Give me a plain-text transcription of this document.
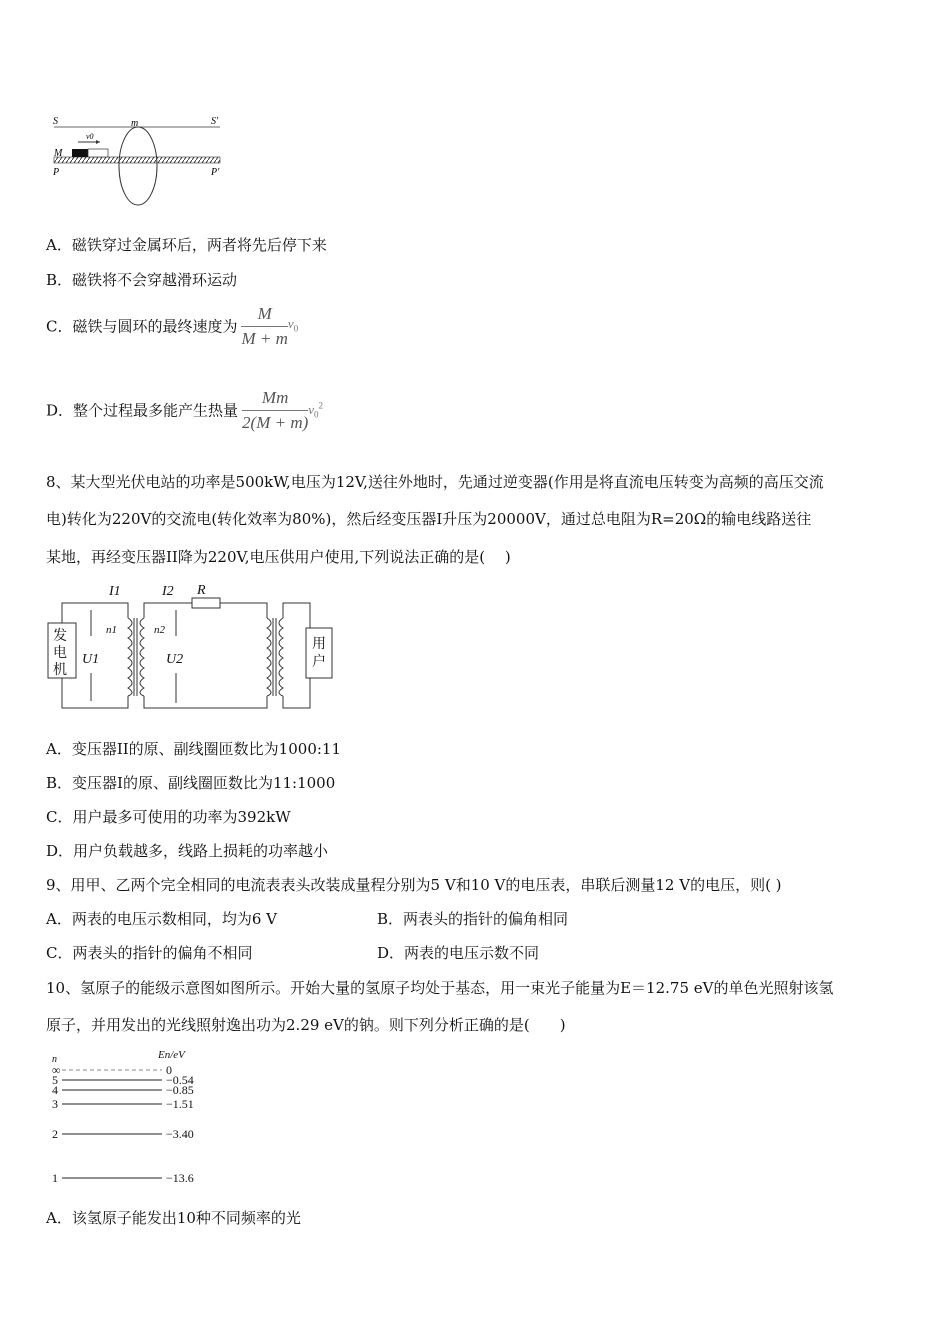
S	S'
m
v0
M
P	P'
A．磁铁穿过金属环后，两者将先后停下来
B．磁铁将不会穿越滑环运动
C．磁铁与圆环的最终速度为 $\frac{M}{M + m} v_0$
D．整个过程最多能产生热量 $\frac{Mm}{2(M + m)} v_0^2$
8、某大型光伏电站的功率是500kW,电压为12V,送往外地时，先通过逆变器(作用是将直流电压转变为高频的高压交流
电)转化为220V的交流电(转化效率为80%)，然后经变压器I升压为20000V，通过总电阻为R=20Ω的输电线路送往
某地，再经变压器II降为220V,电压供用户使用,下列说法正确的是(　 )
发
电
机
用
户
U1	U2
n1	n2
I1	I2 R
A．变压器II的原、副线圈匝数比为1000:11
B．变压器I的原、副线圈匝数比为11:1000
C．用户最多可使用的功率为392kW
D．用户负载越多，线路上损耗的功率越小
9、用甲、乙两个完全相同的电流表表头改装成量程分别为5 V和10 V的电压表，串联后测量12 V的电压，则( )
A．两表的电压示数相同，均为6 V	B．两表头的指针的偏角相同
C．两表头的指针的偏角不相同	D．两表的电压示数不同
10、氢原子的能级示意图如图所示。开始大量的氢原子均处于基态，用一束光子能量为E＝12.75 eV的单色光照射该氢
原子，并用发出的光线照射逸出功为2.29 eV的钠。则下列分析正确的是(　　)
n	En/eV
∞	0
5	−0.54
4	−0.85
3	−1.51
2	−3.40
1	−13.6
A．该氢原子能发出10种不同频率的光
